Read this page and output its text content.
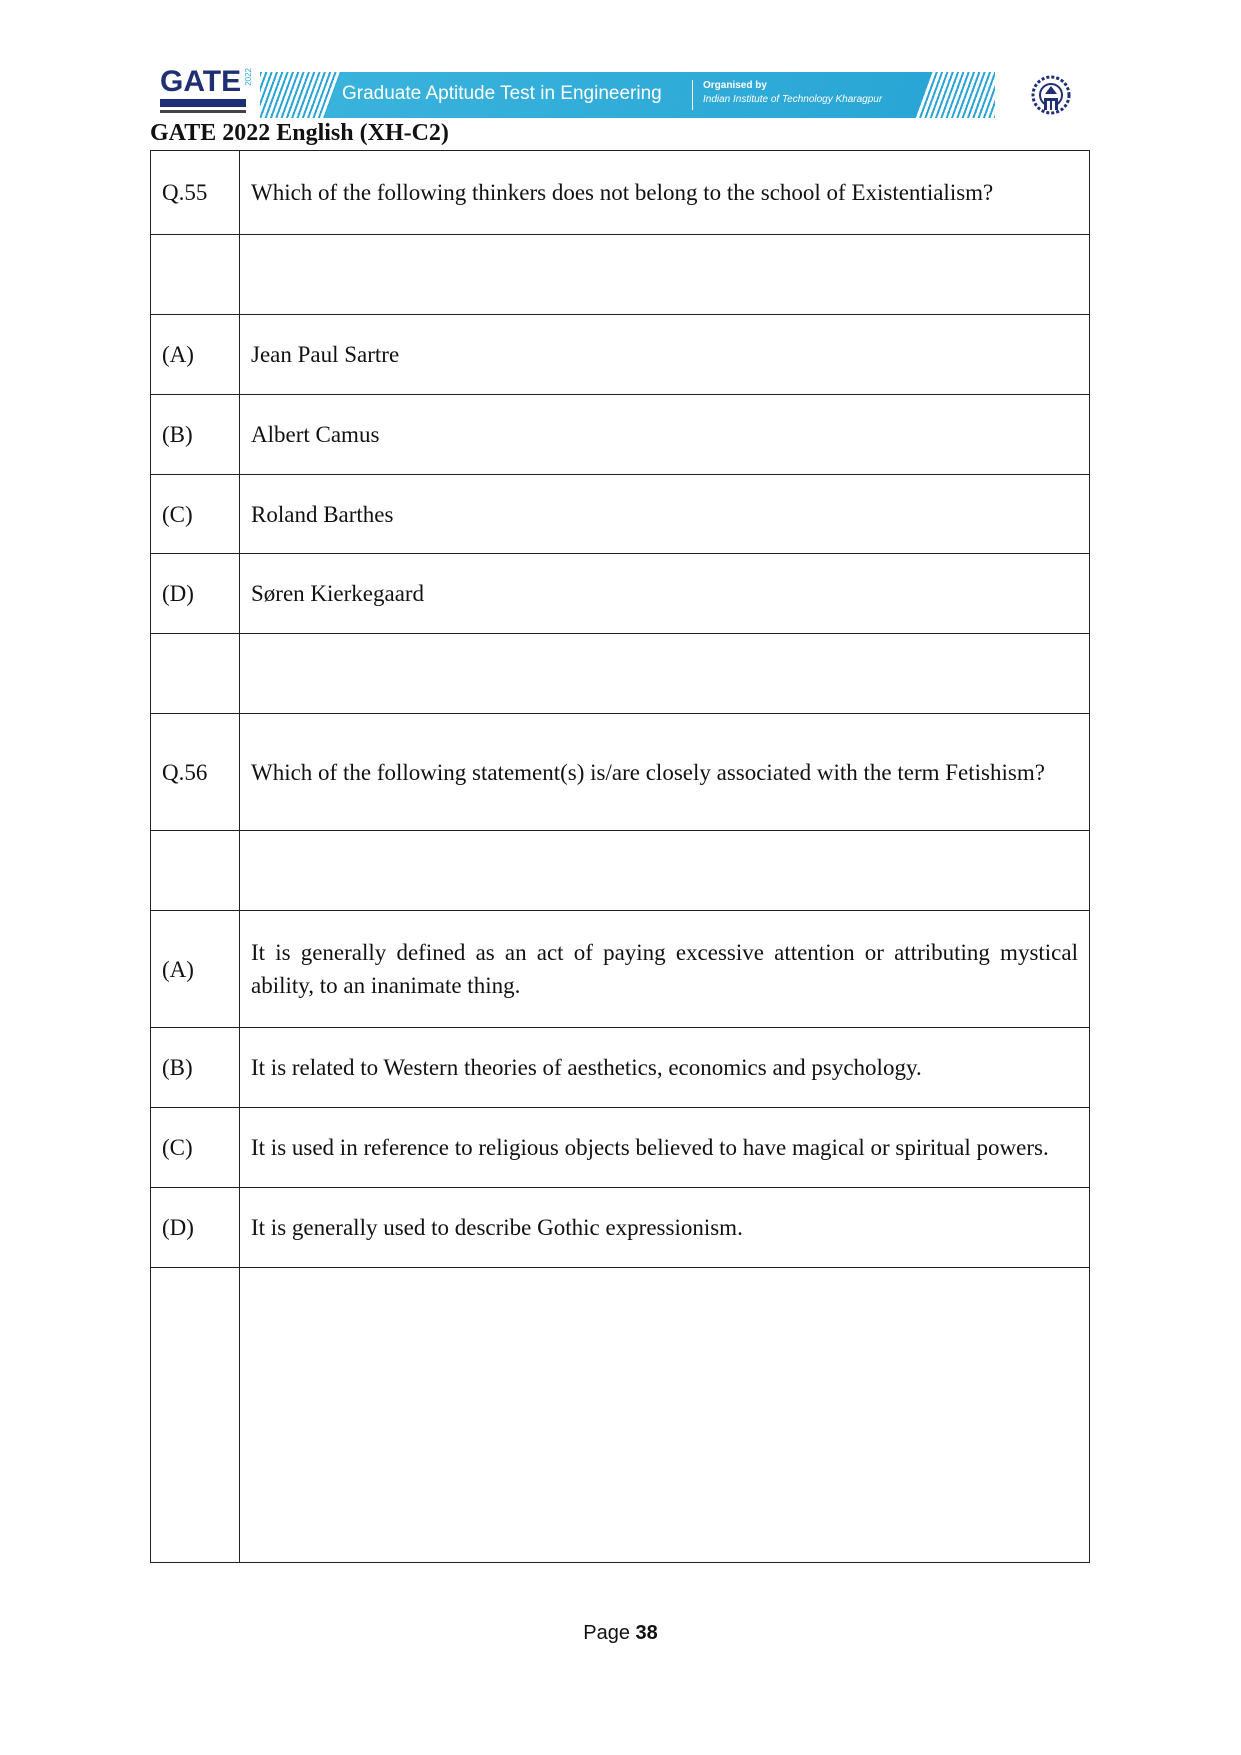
GATE 2022
Graduate Aptitude Test in Engineering	Organised by
Indian Institute of Technology Kharagpur
GATE 2022 English (XH-C2)
Q.55	Which of the following thinkers does not belong to the school of Existentialism?

(A)	Jean Paul Sartre
(B)	Albert Camus
(C)	Roland Barthes
(D)	Søren Kierkegaard

Q.56	Which of the following statement(s) is/are closely associated with the term Fetishism?

(A)	It is generally defined as an act of paying excessive attention or attributing mystical ability, to an inanimate thing.
(B)	It is related to Western theories of aesthetics, economics and psychology.
(C)	It is used in reference to religious objects believed to have magical or spiritual powers.
(D)	It is generally used to describe Gothic expressionism.

Page 38
